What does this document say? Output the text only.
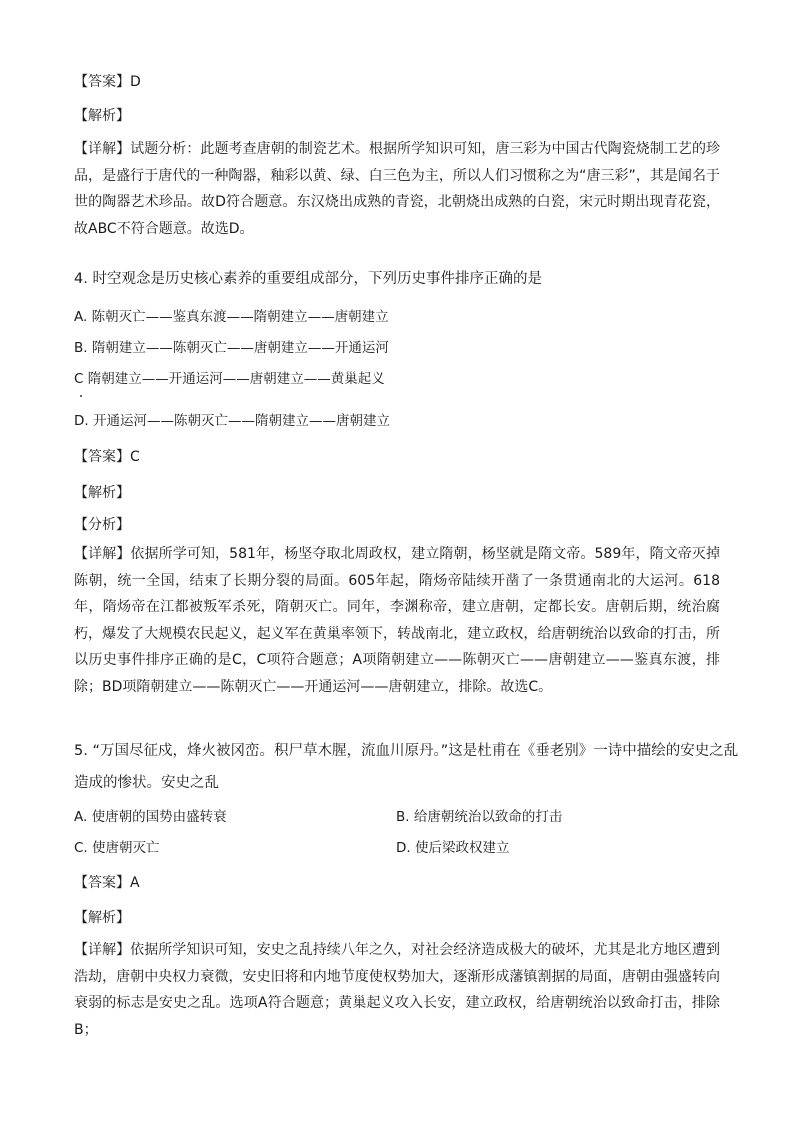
【答案】D
【解析】
【详解】试题分析：此题考查唐朝的制瓷艺术。根据所学知识可知，唐三彩为中国古代陶瓷烧制工艺的珍品，是盛行于唐代的一种陶器，釉彩以黄、绿、白三色为主，所以人们习惯称之为“唐三彩”，其是闻名于世的陶器艺术珍品。故D符合题意。东汉烧出成熟的青瓷，北朝烧出成熟的白瓷，宋元时期出现青花瓷，故ABC不符合题意。故选D。
4. 时空观念是历史核心素养的重要组成部分，下列历史事件排序正确的是
A. 陈朝灭亡——鉴真东渡——隋朝建立——唐朝建立
B. 隋朝建立——陈朝灭亡——唐朝建立——开通运河
C 隋朝建立——开通运河——唐朝建立——黄巢起义
D. 开通运河——陈朝灭亡——隋朝建立——唐朝建立
【答案】C
【解析】
【分析】
【详解】依据所学可知，581年，杨坚夺取北周政权，建立隋朝，杨坚就是隋文帝。589年，隋文帝灭掉陈朝，统一全国，结束了长期分裂的局面。605年起，隋炀帝陆续开凿了一条贯通南北的大运河。618年，隋炀帝在江都被叛军杀死，隋朝灭亡。同年，李渊称帝，建立唐朝，定都长安。唐朝后期，统治腐朽，爆发了大规模农民起义，起义军在黄巢率领下，转战南北，建立政权，给唐朝统治以致命的打击，所以历史事件排序正确的是C，C项符合题意；A项隋朝建立——陈朝灭亡——唐朝建立——鉴真东渡，排除；BD项隋朝建立——陈朝灭亡——开通运河——唐朝建立，排除。故选C。
5. “万国尽征戍，烽火被冈峦。积尸草木腥，流血川原丹。”这是杜甫在《垂老别》一诗中描绘的安史之乱
造成的惨状。安史之乱
A. 使唐朝的国势由盛转衰	B. 给唐朝统治以致命的打击
C. 使唐朝灭亡	D. 使后梁政权建立
【答案】A
【解析】
【详解】依据所学知识可知，安史之乱持续八年之久，对社会经济造成极大的破坏，尤其是北方地区遭到浩劫，唐朝中央权力衰微，安史旧将和内地节度使权势加大，逐渐形成藩镇割据的局面，唐朝由强盛转向衰弱的标志是安史之乱。选项A符合题意；黄巢起义攻入长安，建立政权，给唐朝统治以致命打击，排除B；
